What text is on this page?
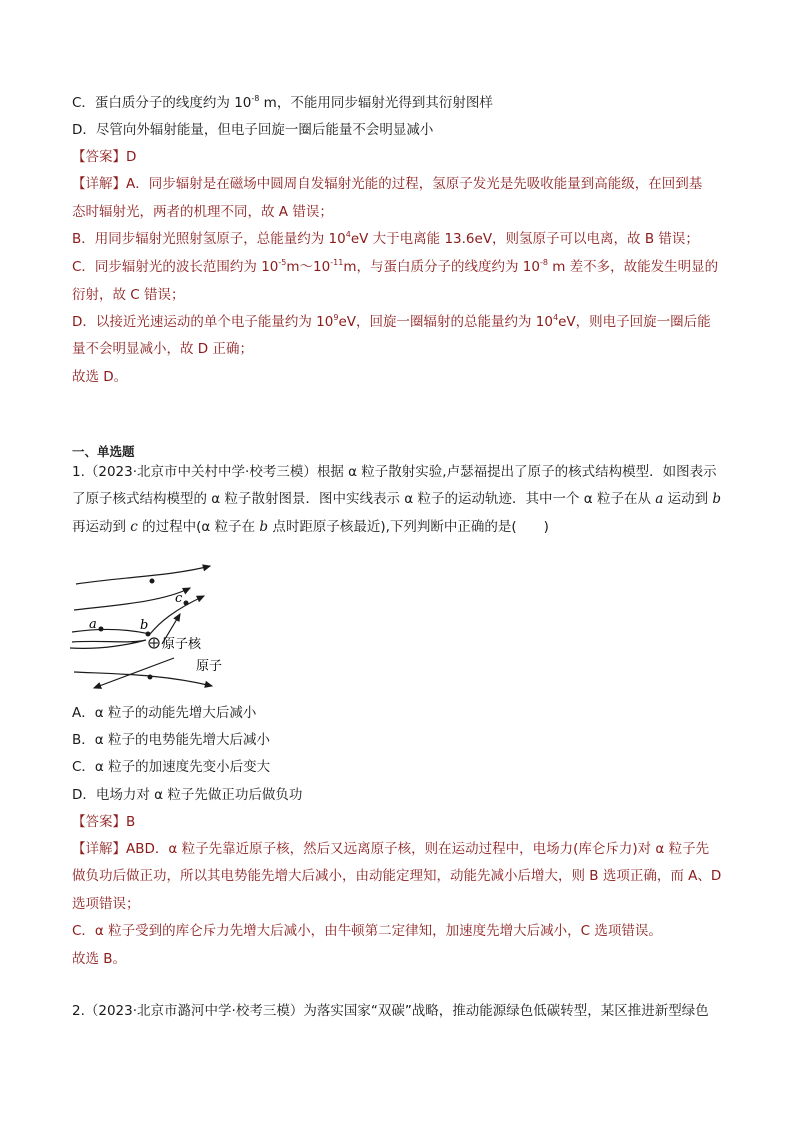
C．蛋白质分子的线度约为 $10^{-8}$ m，不能用同步辐射光得到其衍射图样
D．尽管向外辐射能量，但电子回旋一圈后能量不会明显减小
【答案】D
【详解】A．同步辐射是在磁场中圆周自发辐射光能的过程，氢原子发光是先吸收能量到高能级，在回到基
态时辐射光，两者的机理不同，故 A 错误；
B．用同步辐射光照射氢原子，总能量约为 $10^4eV$ 大于电离能 13.6eV，则氢原子可以电离，故 B 错误；
C．同步辐射光的波长范围约为 $10^{-5}m\sim 10^{-11}m$，与蛋白质分子的线度约为 $10^{-8}$ m 差不多，故能发生明显的
衍射，故 C 错误；
D．以接近光速运动的单个电子能量约为 $10^9eV$，回旋一圈辐射的总能量约为 $10^4eV$，则电子回旋一圈后能
量不会明显减小，故 D 正确；
故选 D。
一、单选题
1.（2023·北京市中关村中学·校考三模）根据 α 粒子散射实验,卢瑟福提出了原子的核式结构模型．如图表示
了原子核式结构模型的 α 粒子散射图景．图中实线表示 α 粒子的运动轨迹．其中一个 α 粒子在从 a 运动到 b
再运动到 c 的过程中(α 粒子在 b 点时距原子核最近),下列判断中正确的是(　　)
a	b
c
原子核
原子
A．α 粒子的动能先增大后减小
B．α 粒子的电势能先增大后减小
C．α 粒子的加速度先变小后变大
D．电场力对 α 粒子先做正功后做负功
【答案】B
【详解】ABD．α 粒子先靠近原子核，然后又远离原子核，则在运动过程中，电场力(库仑斥力)对 α 粒子先
做负功后做正功，所以其电势能先增大后减小，由动能定理知，动能先减小后增大，则 B 选项正确，而 A、D
选项错误；
C．α 粒子受到的库仑斥力先增大后减小，由牛顿第二定律知，加速度先增大后减小，C 选项错误。
故选 B。
2.（2023·北京市潞河中学·校考三模）为落实国家“双碳”战略，推动能源绿色低碳转型，某区推进新型绿色
